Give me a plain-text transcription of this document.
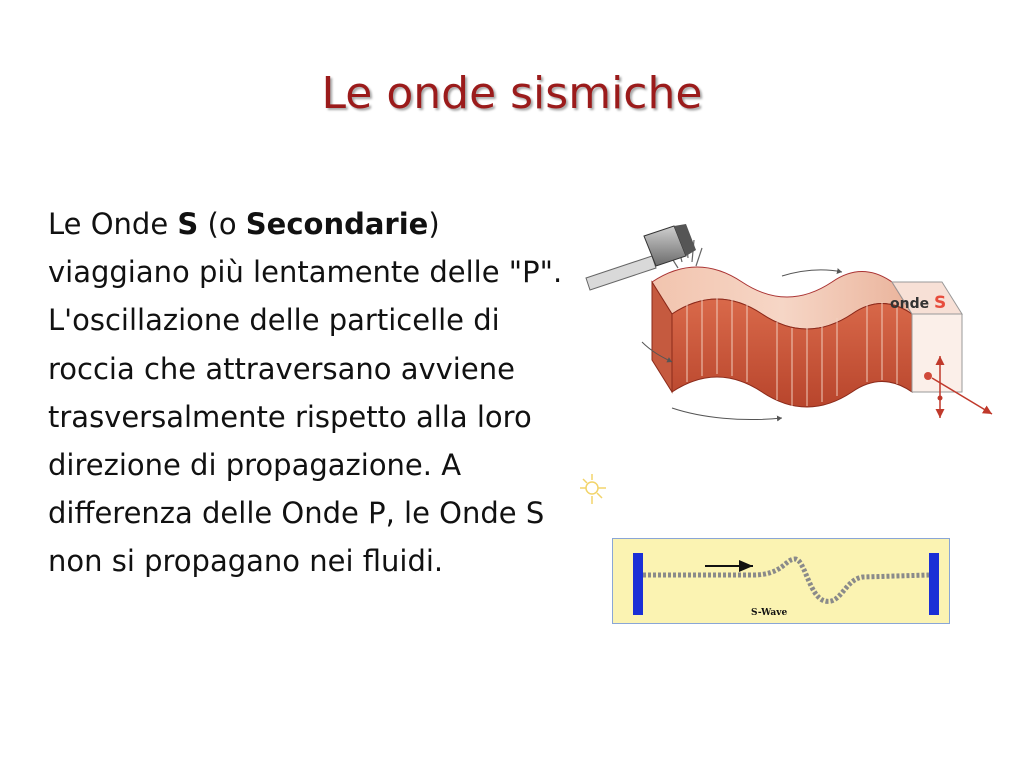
Le onde sismiche
Le Onde S (o Secondarie) viaggiano più lentamente delle "P". L'oscillazione delle particelle di roccia che attraversano avviene trasversalmente rispetto alla loro direzione di propagazione. A differenza delle Onde P, le Onde S non si propagano nei fluidi.
onde S
S-Wave
